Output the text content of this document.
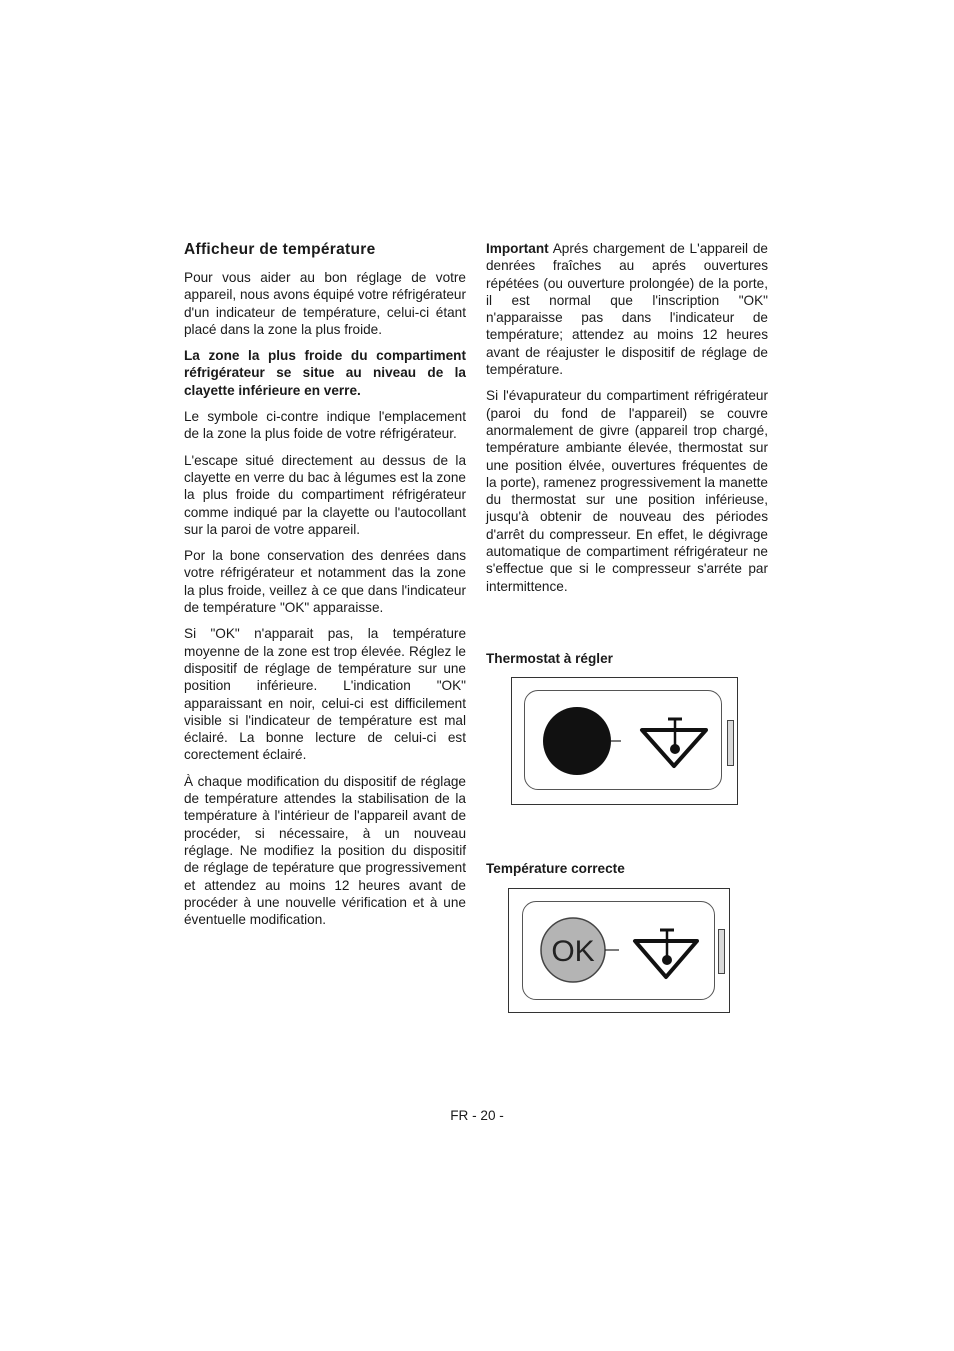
Afficheur de température

Pour vous aider au bon réglage de votre appareil, nous avons équipé votre réfrigérateur d'un indicateur de température, celui-ci étant placé dans la zone la plus froide.

La zone la plus froide du compartiment réfrigérateur se situe au niveau de la clayette inférieure en verre.

Le symbole ci-contre indique l'emplacement de la zone la plus foide de votre réfrigérateur.

L'escape situé directement au dessus de la clayette en verre du bac à légumes est la zone la plus froide du compartiment réfrigérateur comme indiqué par la clayette ou l'autocollant sur la paroi de votre appareil.

Por la bone conservation des denrées dans votre réfrigérateur et notamment das la zone la plus froide, veillez à ce que dans l'indicateur de température "OK" apparaisse.

Si "OK" n'apparait pas, la température moyenne de la zone est trop élevée. Réglez le dispositif de réglage de température sur une position inférieure. L'indication "OK" apparaissant en noir, celui-ci est difficilement visible si l'indicateur de température est mal éclairé. La bonne lecture de celui-ci est corectement éclairé.

À chaque modification du dispositif de réglage de température attendes la stabilisation de la température à l'intérieur de l'appareil avant de procéder, si nécessaire, à un nouveau réglage. Ne modifiez la position du dispositif de réglage de tepérature que progressivement et attendez au moins 12 heures avant de procéder à une nouvelle vérification et à une éventuelle modification.

Important Aprés chargement de L'appareil de denrées fraîches au aprés ouvertures répétées (ou ouverture prolongée) de la porte, il est normal que l'inscription "OK" n'apparaisse pas dans l'indicateur de température; attendez au moins 12 heures avant de réajuster le dispositif de réglage de température.

Si l'évapurateur du compartiment réfrigérateur (paroi du fond de l'appareil) se couvre anormalement de givre (appareil trop chargé, température ambiante élevée, thermostat sur une position élvée, ouvertures fréquentes de la porte), ramenez progressivement la manette du thermostat sur une position inférieuse, jusqu'à obtenir de nouveau des périodes d'arrêt du compresseur. En effet, le dégivrage automatique de compartiment réfrigérateur ne s'effectue que si le compresseur s'arréte par intermittence.

Thermostat à régler
Température correcte
OK
FR - 20 -
